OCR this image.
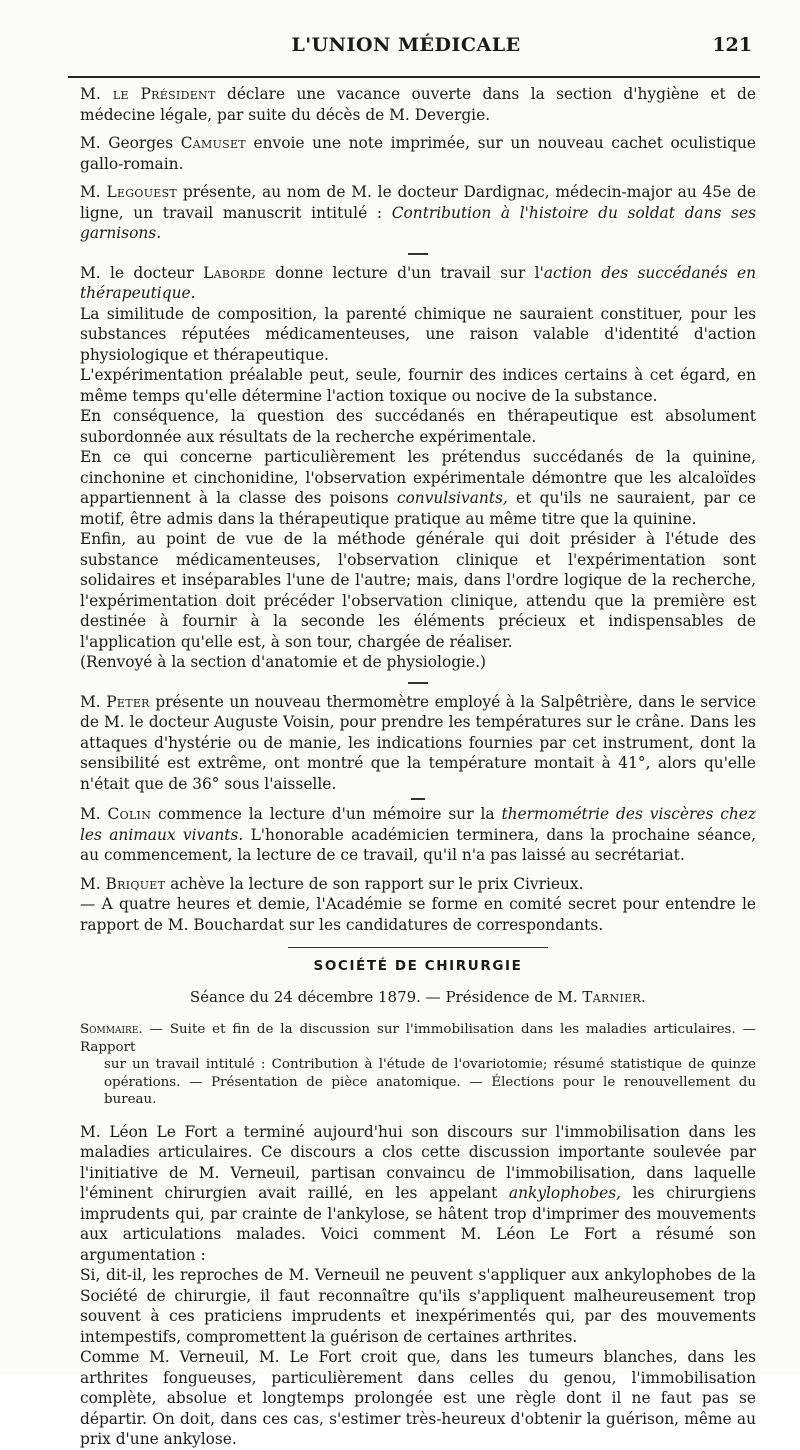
L'UNION MÉDICALE	121

M. le Président déclare une vacance ouverte dans la section d'hygiène et de médecine légale, par suite du décès de M. Devergie.

M. Georges Camuset envoie une note imprimée, sur un nouveau cachet oculistique gallo-romain.

M. Legouest présente, au nom de M. le docteur Dardignac, médecin-major au 45e de ligne, un travail manuscrit intitulé : Contribution à l'histoire du soldat dans ses garnisons.

M. le docteur Laborde donne lecture d'un travail sur l'action des succédanés en thérapeutique.

La similitude de composition, la parenté chimique ne sauraient constituer, pour les substances réputées médicamenteuses, une raison valable d'identité d'action physiologique et thérapeutique.

L'expérimentation préalable peut, seule, fournir des indices certains à cet égard, en même temps qu'elle détermine l'action toxique ou nocive de la substance.

En conséquence, la question des succédanés en thérapeutique est absolument subordonnée aux résultats de la recherche expérimentale.

En ce qui concerne particulièrement les prétendus succédanés de la quinine, cinchonine et cinchonidine, l'observation expérimentale démontre que les alcaloïdes appartiennent à la classe des poisons convulsivants, et qu'ils ne sauraient, par ce motif, être admis dans la thérapeutique pratique au même titre que la quinine.

Enfin, au point de vue de la méthode générale qui doit présider à l'étude des substance médicamenteuses, l'observation clinique et l'expérimentation sont solidaires et inséparables l'une de l'autre; mais, dans l'ordre logique de la recherche, l'expérimentation doit précéder l'observation clinique, attendu que la première est destinée à fournir à la seconde les éléments précieux et indispensables de l'application qu'elle est, à son tour, chargée de réaliser.

(Renvoyé à la section d'anatomie et de physiologie.)

M. Peter présente un nouveau thermomètre employé à la Salpêtrière, dans le service de M. le docteur Auguste Voisin, pour prendre les températures sur le crâne. Dans les attaques d'hystérie ou de manie, les indications fournies par cet instrument, dont la sensibilité est extrême, ont montré que la température montait à 41°, alors qu'elle n'était que de 36° sous l'aisselle.

M. Colin commence la lecture d'un mémoire sur la thermométrie des viscères chez les animaux vivants. L'honorable académicien terminera, dans la prochaine séance, au commencement, la lecture de ce travail, qu'il n'a pas laissé au secrétariat.

M. Briquet achève la lecture de son rapport sur le prix Civrieux.

— A quatre heures et demie, l'Académie se forme en comité secret pour entendre le rapport de M. Bouchardat sur les candidatures de correspondants.

SOCIÉTÉ DE CHIRURGIE
Séance du 24 décembre 1879. — Présidence de M. Tarnier.
Sommaire. — Suite et fin de la discussion sur l'immobilisation dans les maladies articulaires. — Rapport
sur un travail intitulé : Contribution à l'étude de l'ovariotomie; résumé statistique de quinze opérations. — Présentation de pièce anatomique. — Élections pour le renouvellement du bureau.

M. Léon Le Fort a terminé aujourd'hui son discours sur l'immobilisation dans les maladies articulaires. Ce discours a clos cette discussion importante soulevée par l'initiative de M. Verneuil, partisan convaincu de l'immobilisation, dans laquelle l'éminent chirurgien avait raillé, en les appelant ankylophobes, les chirurgiens imprudents qui, par crainte de l'ankylose, se hâtent trop d'imprimer des mouvements aux articulations malades. Voici comment M. Léon Le Fort a résumé son argumentation :

Si, dit-il, les reproches de M. Verneuil ne peuvent s'appliquer aux ankylophobes de la Société de chirurgie, il faut reconnaître qu'ils s'appliquent malheureusement trop souvent à ces praticiens imprudents et inexpérimentés qui, par des mouvements intempestifs, compromettent la guérison de certaines arthrites.

Comme M. Verneuil, M. Le Fort croit que, dans les tumeurs blanches, dans les arthrites fongueuses, particulièrement dans celles du genou, l'immobilisation complète, absolue et longtemps prolongée est une règle dont il ne faut pas se départir. On doit, dans ces cas, s'estimer très-heureux d'obtenir la guérison, même au prix d'une ankylose.
